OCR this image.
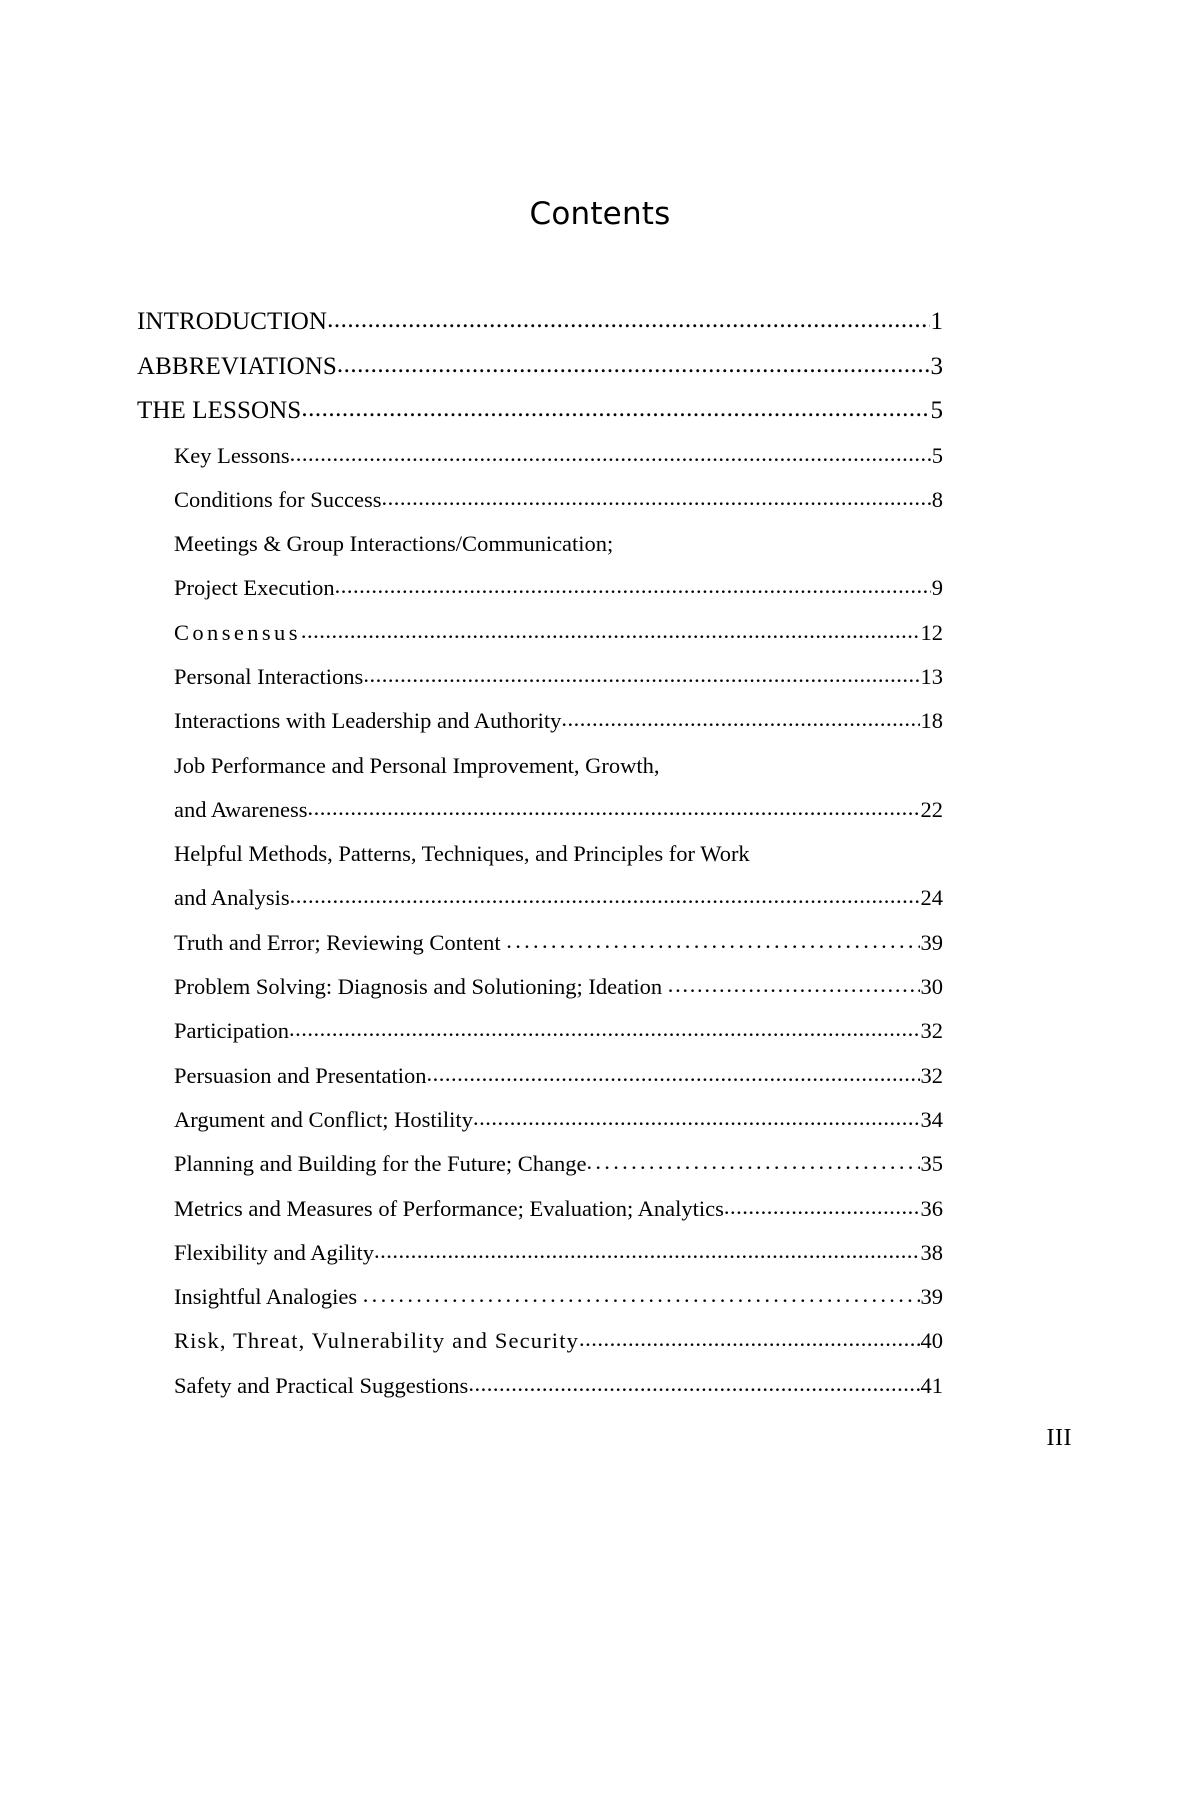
Contents
INTRODUCTION .....	1
ABBREVIATIONS .....	3
THE LESSONS .....	5
Key Lessons .....	5
Conditions for Success .....	8
Meetings & Group Interactions/Communication;
Project Execution .....	9
Consensus .....	12
Personal Interactions .....	13
Interactions with Leadership and Authority .....	18
Job Performance and Personal Improvement, Growth,
and Awareness .....	22
Helpful Methods, Patterns, Techniques, and Principles for Work
and Analysis .....	24
Truth and Error; Reviewing Content .....	39
Problem Solving: Diagnosis and Solutioning; Ideation .....	30
Participation .....	32
Persuasion and Presentation .....	32
Argument and Conflict; Hostility .....	34
Planning and Building for the Future; Change .....	35
Metrics and Measures of Performance; Evaluation; Analytics .....	36
Flexibility and Agility .....	38
Insightful Analogies .....	39
Risk, Threat, Vulnerability and Security .....	40
Safety and Practical Suggestions .....	41
III
